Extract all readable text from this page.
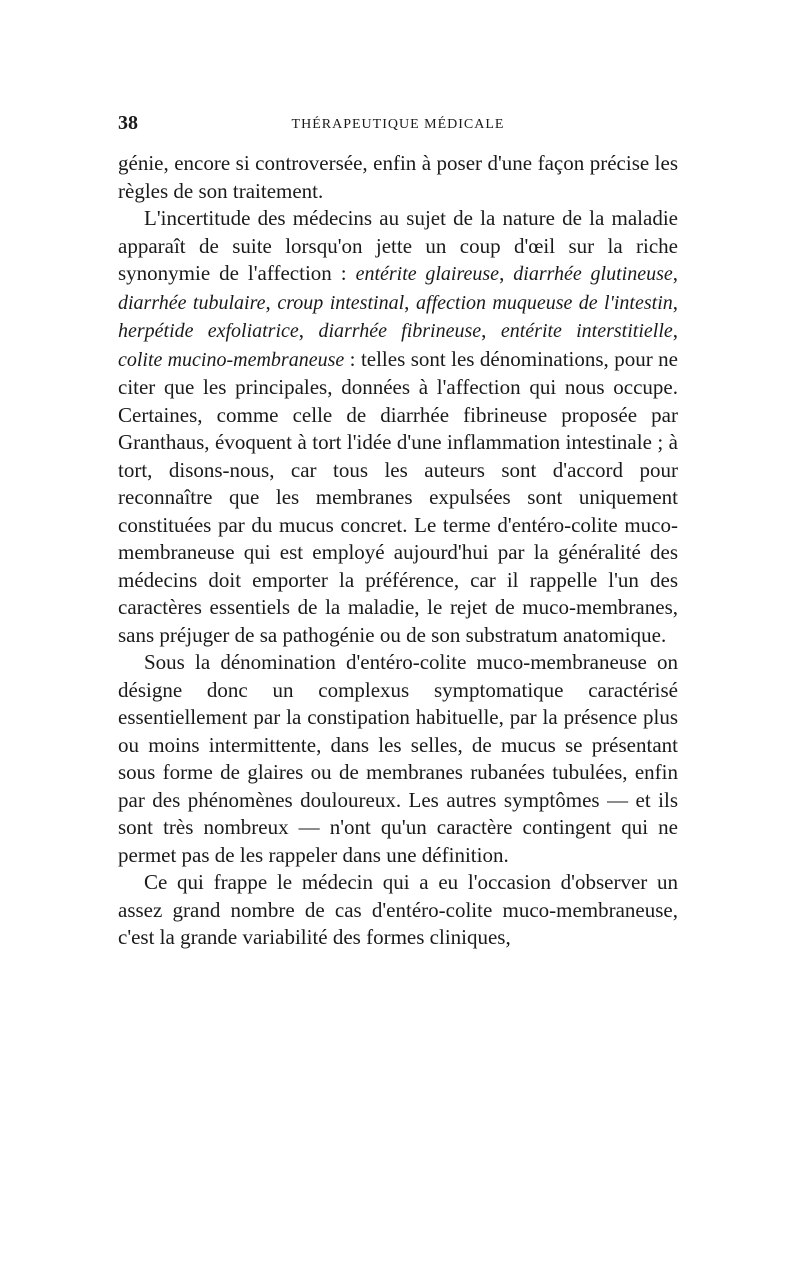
38	THÉRAPEUTIQUE MÉDICALE

génie, encore si controversée, enfin à poser d'une façon précise les règles de son traitement.

L'incertitude des médecins au sujet de la nature de la maladie apparaît de suite lorsqu'on jette un coup d'œil sur la riche synonymie de l'affection : entérite glaireuse, diarrhée glutineuse, diarrhée tubulaire, croup intestinal, affection muqueuse de l'intestin, herpétide exfoliatrice, diarrhée fibrineuse, entérite interstitielle, colite mucino-membraneuse : telles sont les dénominations, pour ne citer que les principales, données à l'affection qui nous occupe. Certaines, comme celle de diarrhée fibrineuse proposée par Granthaus, évoquent à tort l'idée d'une inflammation intestinale ; à tort, disons-nous, car tous les auteurs sont d'accord pour reconnaître que les membranes expulsées sont uniquement constituées par du mucus concret. Le terme d'entéro-colite muco-membraneuse qui est employé aujourd'hui par la généralité des médecins doit emporter la préférence, car il rappelle l'un des caractères essentiels de la maladie, le rejet de muco-membranes, sans préjuger de sa pathogénie ou de son substratum anatomique.

Sous la dénomination d'entéro-colite muco-membraneuse on désigne donc un complexus symptomatique caractérisé essentiellement par la constipation habituelle, par la présence plus ou moins intermittente, dans les selles, de mucus se présentant sous forme de glaires ou de membranes rubanées tubulées, enfin par des phénomènes douloureux. Les autres symptômes — et ils sont très nombreux — n'ont qu'un caractère contingent qui ne permet pas de les rappeler dans une définition.

Ce qui frappe le médecin qui a eu l'occasion d'observer un assez grand nombre de cas d'entéro-colite muco-membraneuse, c'est la grande variabilité des formes cliniques,
